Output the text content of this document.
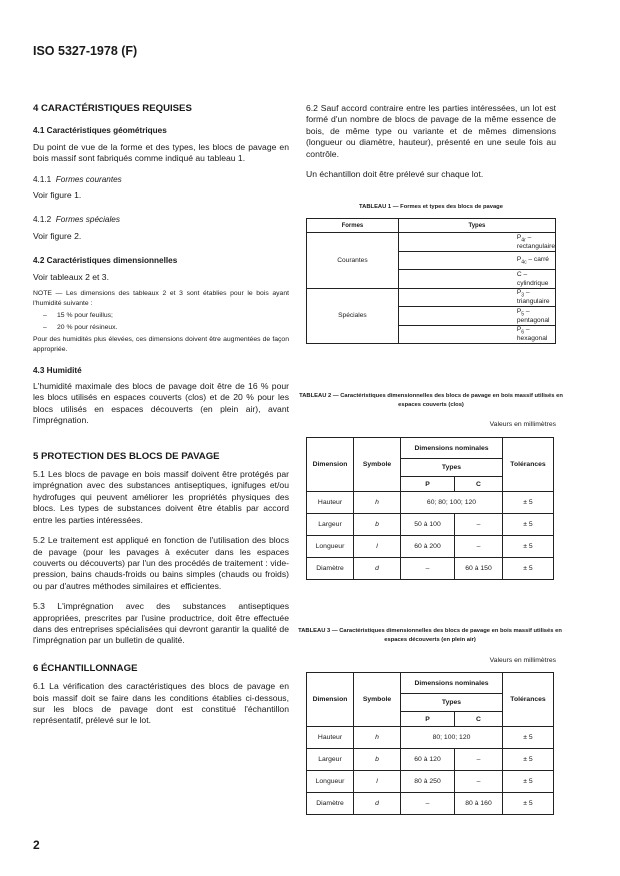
ISO 5327-1978 (F)
4 CARACTÉRISTIQUES REQUISES
4.1 Caractéristiques géométriques

Du point de vue de la forme et des types, les blocs de pavage en bois massif sont fabriqués comme indiqué au tableau 1.

4.1.1 Formes courantes

Voir figure 1.

4.1.2 Formes spéciales

Voir figure 2.

4.2 Caractéristiques dimensionnelles

Voir tableaux 2 et 3.

NOTE — Les dimensions des tableaux 2 et 3 sont établies pour le bois ayant l'humidité suivante :

–	15 % pour feuillus;
–	20 % pour résineux.

Pour des humidités plus élevées, ces dimensions doivent être augmentées de façon appropriée.

4.3 Humidité

L'humidité maximale des blocs de pavage doit être de 16 % pour les blocs utilisés en espaces couverts (clos) et de 20 % pour les blocs utilisés en espaces découverts (en plein air), avant l'imprégnation.

5 PROTECTION DES BLOCS DE PAVAGE

5.1 Les blocs de pavage en bois massif doivent être protégés par imprégnation avec des substances antiseptiques, ignifuges et/ou hydrofuges qui peuvent améliorer les propriétés physiques des blocs. Les types de substances doivent être établis par accord entre les parties intéressées.

5.2 Le traitement est appliqué en fonction de l'utilisation des blocs de pavage (pour les pavages à exécuter dans les espaces couverts ou découverts) par l'un des procédés de traitement : vide-pression, bains chauds-froids ou bains simples (chauds ou froids) ou par d'autres méthodes similaires et efficientes.

5.3 L'imprégnation avec des substances antiseptiques appropriées, prescrites par l'usine productrice, doit être effectuée dans des entreprises spécialisées qui devront garantir la qualité de l'imprégnation par un bulletin de qualité.

6 ÉCHANTILLONNAGE

6.1 La vérification des caractéristiques des blocs de pavage en bois massif doit se faire dans les conditions établies ci-dessous, sur les blocs de pavage dont est constitué l'échantillon représentatif, prélevé sur le lot.

6.2 Sauf accord contraire entre les parties intéressées, un lot est formé d'un nombre de blocs de pavage de la même essence de bois, de même type ou variante et de mêmes dimensions (longueur ou diamètre, hauteur), présenté en une seule fois au contrôle.

Un échantillon doit être prélevé sur chaque lot.

TABLEAU 1 — Formes et types des blocs de pavage
Formes	Types
Courantes	$P_{4r}$ – rectangulaire
	$P_{4c}$ – carré
	C – cylindrique
Spéciales	$P_3$ – triangulaire
	$P_5$ – pentagonal
	$P_6$ – hexagonal
TABLEAU 2 — Caractéristiques dimensionnelles des blocs de pavage en bois massif utilisés en espaces couverts (clos)
Valeurs en millimètres
Dimension	Symbole	Dimensions nominales		Tolérances
		Types		
		P	C	
Hauteur	h	60; 80; 100; 120		± 5
Largeur	b	50 à 100	–	± 5
Longueur	l	60 à 200	–	± 5
Diamètre	d	–	60 à 150	± 5
TABLEAU 3 — Caractéristiques dimensionnelles des blocs de pavage en bois massif utilisés en espaces découverts (en plein air)
Valeurs en millimètres
Dimension	Symbole	Dimensions nominales		Tolérances
		Types		
		P	C	
Hauteur	h	80; 100; 120		± 5
Largeur	b	60 à 120	–	± 5
Longueur	l	80 à 250	–	± 5
Diamètre	d	–	80 à 160	± 5
2
